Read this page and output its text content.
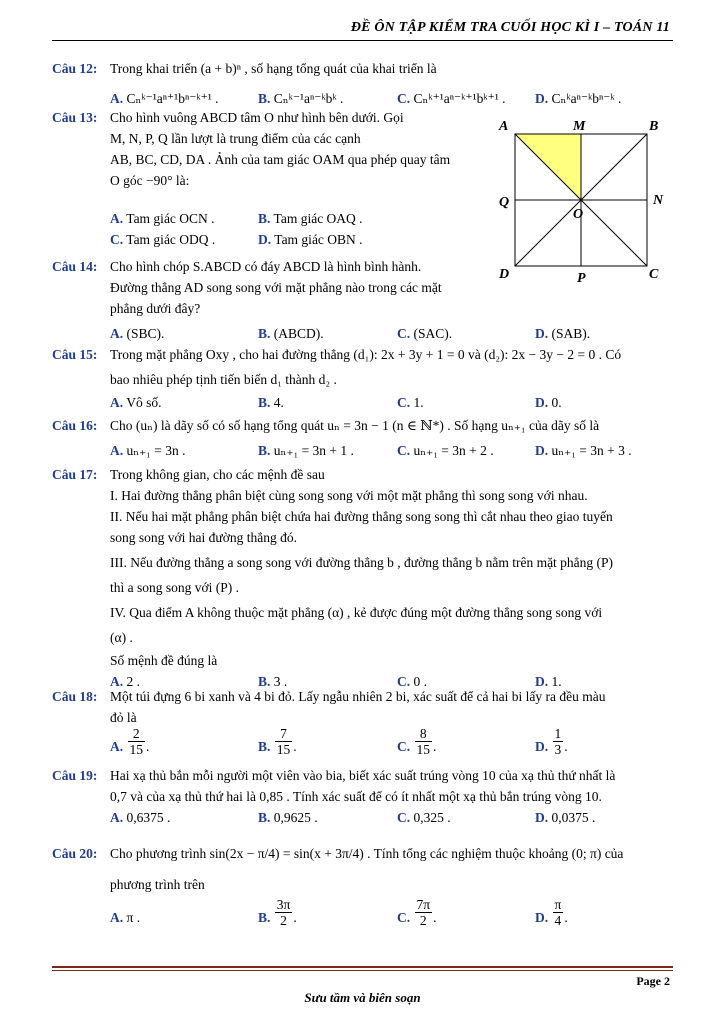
ĐỀ ÔN TẬP KIỂM TRA CUỐI HỌC KÌ I – TOÁN 11
Câu 12: Trong khai triển (a + b)ⁿ , số hạng tổng quát của khai triển là
A. Cₙᵏ⁻¹aⁿ⁺¹bⁿ⁻ᵏ⁺¹ .	B. Cₙᵏ⁻¹aⁿ⁻ᵏbᵏ .	C. Cₙᵏ⁺¹aⁿ⁻ᵏ⁺¹bᵏ⁺¹ . D. Cₙᵏaⁿ⁻ᵏbⁿ⁻ᵏ .
Câu 13: Cho hình vuông ABCD tâm O như hình bên dưới. Gọi
M, N, P, Q lần lượt là trung điểm của các cạnh
AB, BC, CD, DA . Ảnh của tam giác OAM qua phép quay tâm
O góc −90° là:
A. Tam giác OCN .	B. Tam giác OAQ .
C. Tam giác ODQ .	D. Tam giác OBN .
A	M	B
Q	N
O
D	P	C
Câu 14: Cho hình chóp S.ABCD có đáy ABCD là hình bình hành.
Đường thẳng AD song song với mặt phẳng nào trong các mặt
phẳng dưới đây?
A. (SBC).	B. (ABCD).	C. (SAC).	D. (SAB).
Câu 15: Trong mặt phẳng Oxy , cho hai đường thẳng (d₁): 2x + 3y + 1 = 0 và (d₂): 2x − 3y − 2 = 0 . Có
bao nhiêu phép tịnh tiến biến d₁ thành d₂ .
A. Vô số.	B. 4.	C. 1.	D. 0.
Câu 16: Cho (uₙ) là dãy số có số hạng tổng quát uₙ = 3n − 1 (n ∈ ℕ*) . Số hạng uₙ₊₁ của dãy số là
A. uₙ₊₁ = 3n .	B. uₙ₊₁ = 3n + 1 .	C. uₙ₊₁ = 3n + 2 .	D. uₙ₊₁ = 3n + 3 .
Câu 17: Trong không gian, cho các mệnh đề sau
I. Hai đường thẳng phân biệt cùng song song với một mặt phẳng thì song song với nhau.
II. Nếu hai mặt phẳng phân biệt chứa hai đường thẳng song song thì cắt nhau theo giao tuyến
song song với hai đường thẳng đó.
III. Nếu đường thẳng a song song với đường thẳng b , đường thẳng b nằm trên mặt phẳng (P)
thì a song song với (P) .
IV. Qua điểm A không thuộc mặt phẳng (α) , kẻ được đúng một đường thẳng song song với
(α) .
Số mệnh đề đúng là
A. 2 .	B. 3 .	C. 0 .	D. 1.
Câu 18: Một túi đựng 6 bi xanh và 4 bi đỏ. Lấy ngẫu nhiên 2 bi, xác suất để cả hai bi lấy ra đều màu
đỏ là
A. $\frac{2}{15}$ .	B. $\frac{7}{15}$ .	C. $\frac{8}{15}$ .	D. $\frac{1}{3}$ .
Câu 19: Hai xạ thủ bắn mỗi người một viên vào bia, biết xác suất trúng vòng 10 của xạ thủ thứ nhất là
0,7 và của xạ thủ thứ hai là 0,85 . Tính xác suất để có ít nhất một xạ thủ bắn trúng vòng 10.
A. 0,6375 .	B. 0,9625 .	C. 0,325 .	D. 0,0375 .
Câu 20: Cho phương trình sin(2x − π/4) = sin(x + 3π/4) . Tính tổng các nghiệm thuộc khoảng (0; π) của
phương trình trên
A. π .	B. $\frac{3\pi}{2}$ .	C. $\frac{7\pi}{2}$ .	D. $\frac{\pi}{4}$ .
Page 2
Sưu tầm và biên soạn
